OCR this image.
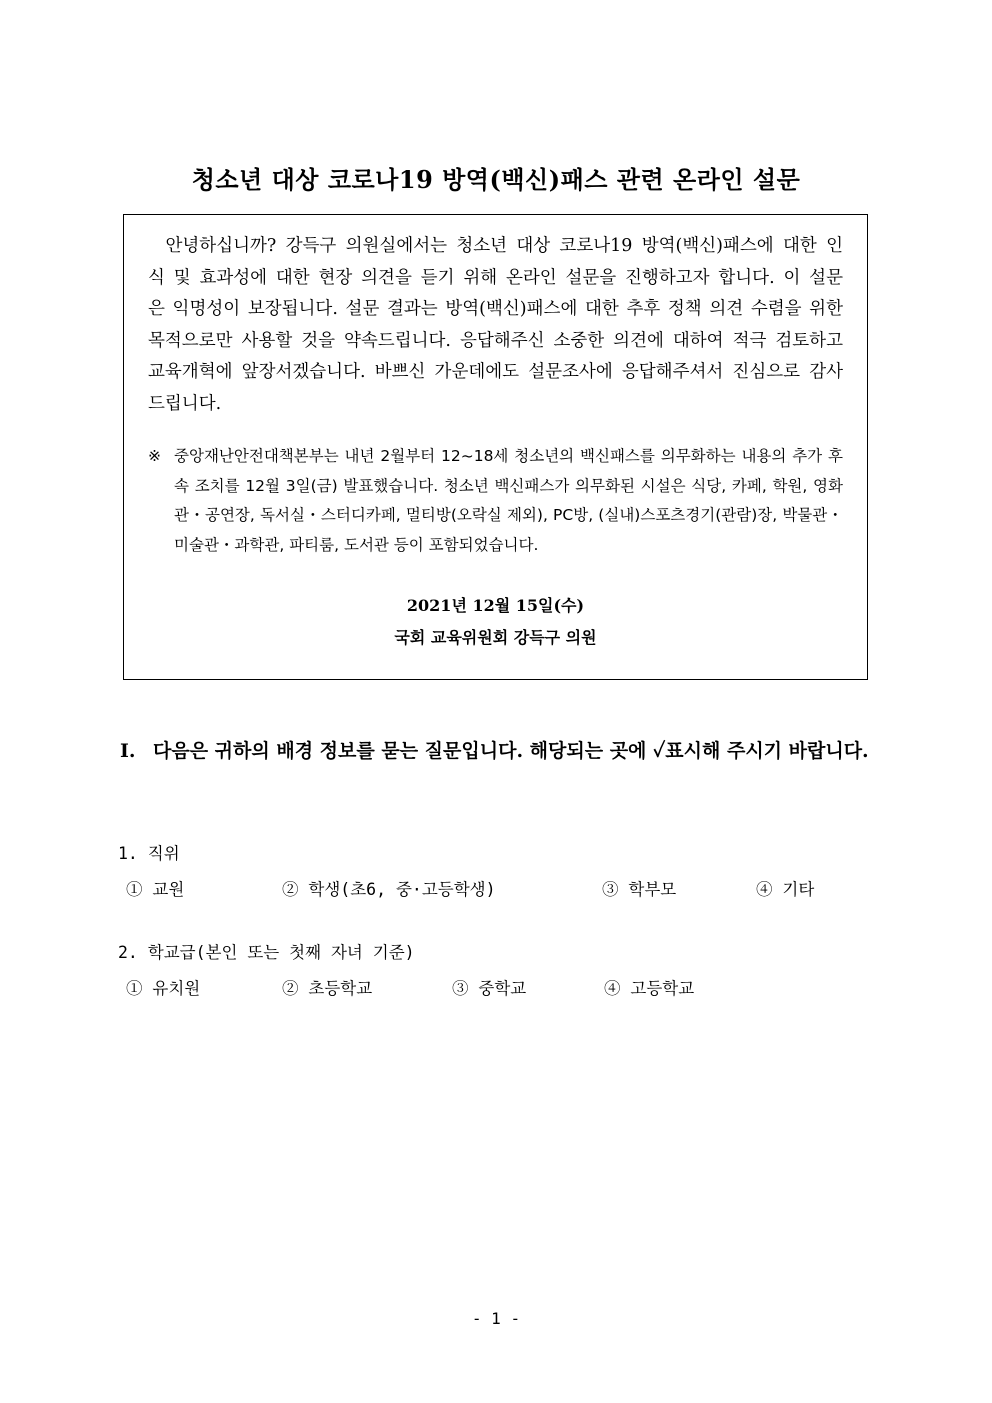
청소년 대상 코로나19 방역(백신)패스 관련 온라인 설문

안녕하십니까? 강득구 의원실에서는 청소년 대상 코로나19 방역(백신)패스에 대한 인식 및 효과성에 대한 현장 의견을 듣기 위해 온라인 설문을 진행하고자 합니다. 이 설문은 익명성이 보장됩니다. 설문 결과는 방역(백신)패스에 대한 추후 정책 의견 수렴을 위한 목적으로만 사용할 것을 약속드립니다. 응답해주신 소중한 의견에 대하여 적극 검토하고 교육개혁에 앞장서겠습니다. 바쁘신 가운데에도 설문조사에 응답해주셔서 진심으로 감사드립니다.

※ 중앙재난안전대책본부는 내년 2월부터 12~18세 청소년의 백신패스를 의무화하는 내용의 추가 후속 조치를 12월 3일(금) 발표했습니다. 청소년 백신패스가 의무화된 시설은 식당, 카페, 학원, 영화관・공연장, 독서실・스터디카페, 멀티방(오락실 제외), PC방, (실내)스포츠경기(관람)장, 박물관・미술관・과학관, 파티룸, 도서관 등이 포함되었습니다.

2021년 12월 15일(수)
국회 교육위원회 강득구 의원
Ⅰ. 다음은 귀하의 배경 정보를 묻는 질문입니다. 해당되는 곳에 ✓표시해 주시기 바랍니다.

1. 직위

① 교원	② 학생(초6, 중·고등학생)	③ 학부모	④ 기타

2. 학교급(본인 또는 첫째 자녀 기준)

① 유치원	② 초등학교	③ 중학교	④ 고등학교
- 1 -
